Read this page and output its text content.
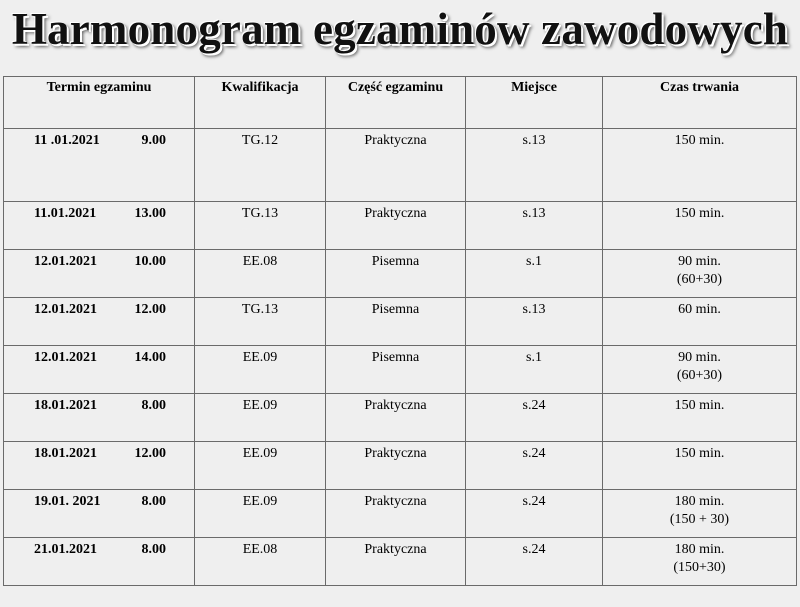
Harmonogram egzaminów zawodowych
Termin egzaminu	Kwalifikacja	Część egzaminu	Miejsce	Czas trwania

11 .01.2021 9.00	TG.12	Praktyczna	s.13	150 min.

11.01.2021 13.00	TG.13	Praktyczna	s.13	150 min.

12.01.2021 10.00	EE.08	Pisemna	s.1	90 min.
(60+30)

12.01.2021 12.00	TG.13	Pisemna	s.13	60 min.

12.01.2021 14.00	EE.09	Pisemna	s.1	90 min.
(60+30)

18.01.2021 8.00	EE.09	Praktyczna	s.24	150 min.

18.01.2021 12.00	EE.09	Praktyczna	s.24	150 min.

19.01. 2021 8.00	EE.09	Praktyczna	s.24	180 min.
(150 + 30)

21.01.2021 8.00	EE.08	Praktyczna	s.24	180 min.
(150+30)
